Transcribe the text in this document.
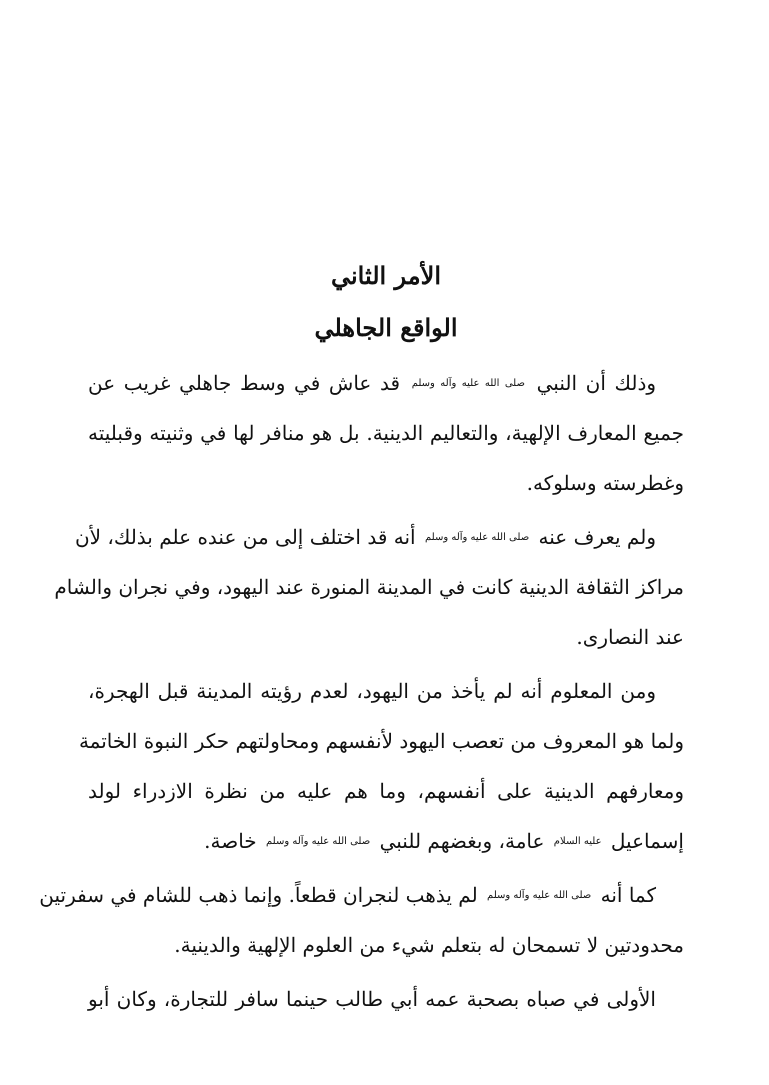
الأمر الثاني
الواقع الجاهلي
وذلك أن النبي $^{صلى الله عليه وآله وسلم}$ قد عاش في وسط جاهلي غريب عن
جميع المعارف الإلهية، والتعاليم الدينية. بل هو منافر لها في وثنيته وقبليته
وغطرسته وسلوكه.
ولم يعرف عنه $^{صلى الله عليه وآله وسلم}$ أنه قد اختلف إلى من عنده علم بذلك، لأن
مراكز الثقافة الدينية كانت في المدينة المنورة عند اليهود، وفي نجران والشام
عند النصارى.
ومن المعلوم أنه لم يأخذ من اليهود، لعدم رؤيته المدينة قبل الهجرة،
ولما هو المعروف من تعصب اليهود لأنفسهم ومحاولتهم حكر النبوة الخاتمة
ومعارفهم الدينية على أنفسهم، وما هم عليه من نظرة الازدراء لولد
إسماعيل $^{عليه السلام}$ عامة، وبغضهم للنبي $^{صلى الله عليه وآله وسلم}$ خاصة.
كما أنه $^{صلى الله عليه وآله وسلم}$ لم يذهب لنجران قطعاً. وإنما ذهب للشام في سفرتين
محدودتين لا تسمحان له بتعلم شيء من العلوم الإلهية والدينية.
الأولى في صباه بصحبة عمه أبي طالب حينما سافر للتجارة، وكان أبو
